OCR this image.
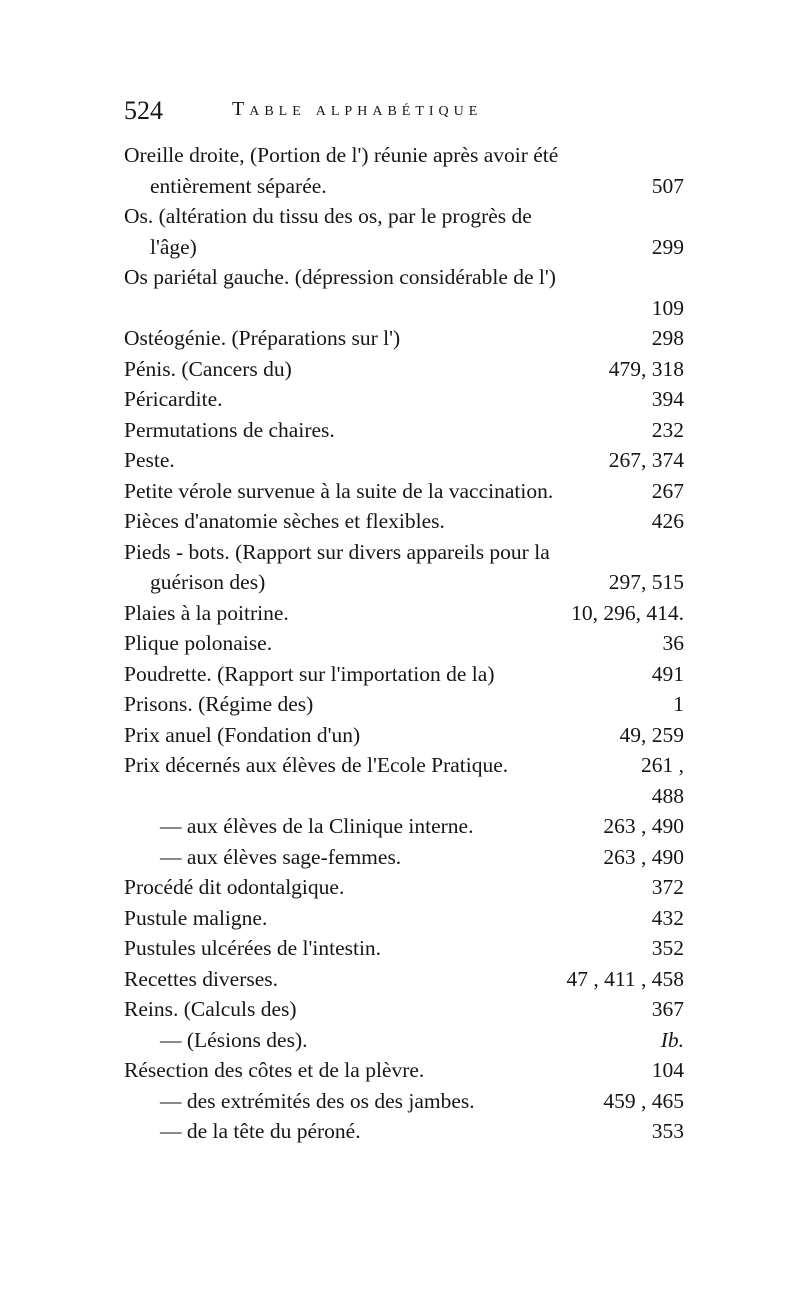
524	Table alphabétique
Oreille droite, (Portion de l') réunie après avoir été
entièrement séparée.	507
Os. (altération du tissu des os, par le progrès de
l'âge)	299
Os pariétal gauche. (dépression considérable de l')
109
Ostéogénie. (Préparations sur l')	298
Pénis. (Cancers du)	479, 318
Péricardite.	394
Permutations de chaires.	232
Peste.	267, 374
Petite vérole survenue à la suite de la vaccination.	267
Pièces d'anatomie sèches et flexibles.	426
Pieds - bots. (Rapport sur divers appareils pour la
guérison des)	297, 515
Plaies à la poitrine.	10, 296, 414.
Plique polonaise.	36
Poudrette. (Rapport sur l'importation de la)	491
Prisons. (Régime des)	1
Prix anuel (Fondation d'un)	49, 259
Prix décernés aux élèves de l'Ecole Pratique.	261 ,
488
— aux élèves de la Clinique interne.	263 , 490
— aux élèves sage-femmes.	263 , 490
Procédé dit odontalgique.	372
Pustule maligne.	432
Pustules ulcérées de l'intestin.	352
Recettes diverses.	47 , 411 , 458
Reins. (Calculs des)	367
— (Lésions des).	Ib.
Résection des côtes et de la plèvre.	104
— des extrémités des os des jambes.	459 , 465
— de la tête du péroné.	353
